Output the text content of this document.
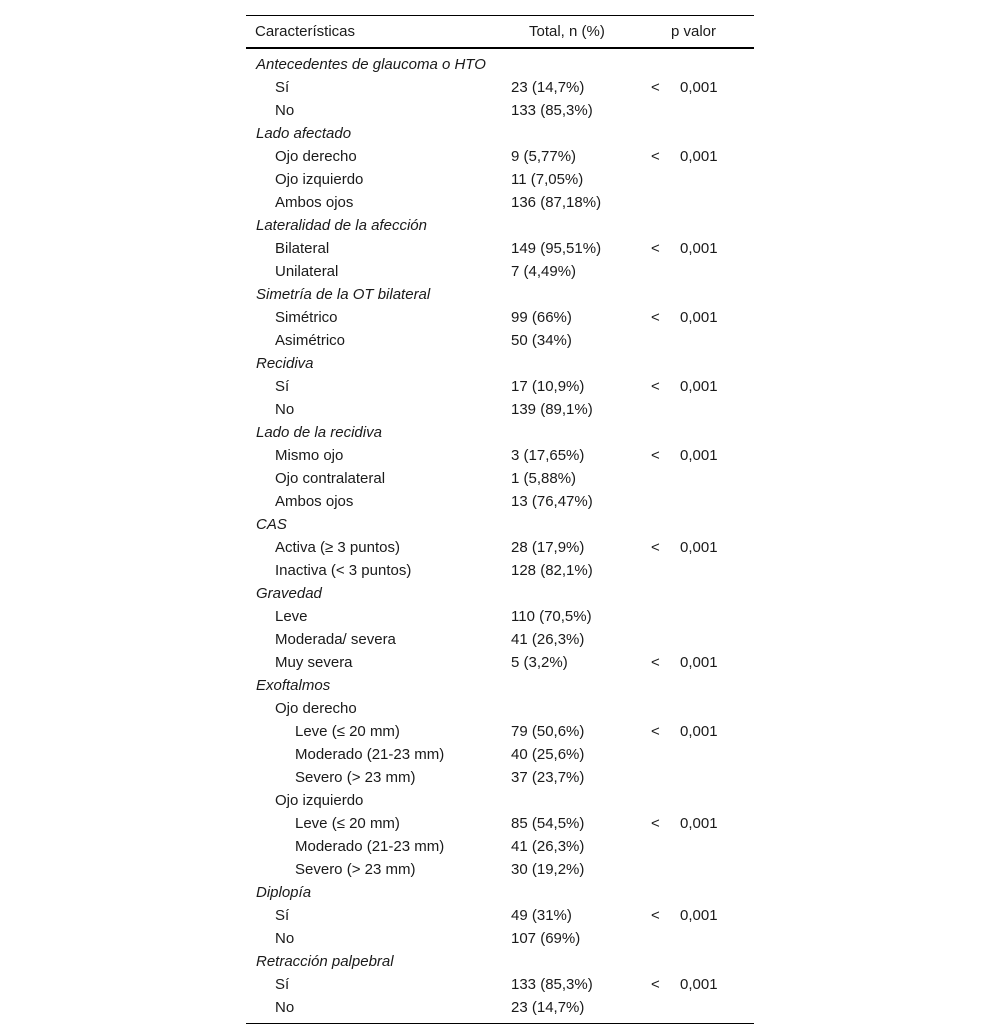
Características	Total, n (%)	p valor
Antecedentes de glaucoma o HTO
Sí	23 (14,7%)	< 0,001
No	133 (85,3%)
Lado afectado
Ojo derecho	9 (5,77%)	< 0,001
Ojo izquierdo	11 (7,05%)
Ambos ojos	136 (87,18%)
Lateralidad de la afección
Bilateral	149 (95,51%)	< 0,001
Unilateral	7 (4,49%)
Simetría de la OT bilateral
Simétrico	99 (66%)	< 0,001
Asimétrico	50 (34%)
Recidiva
Sí	17 (10,9%)	< 0,001
No	139 (89,1%)
Lado de la recidiva
Mismo ojo	3 (17,65%)	< 0,001
Ojo contralateral	1 (5,88%)
Ambos ojos	13 (76,47%)
CAS
Activa (≥ 3 puntos)	28 (17,9%)	< 0,001
Inactiva (< 3 puntos)	128 (82,1%)
Gravedad
Leve	110 (70,5%)
Moderada/ severa	41 (26,3%)
Muy severa	5 (3,2%)	< 0,001
Exoftalmos
Ojo derecho
Leve (≤ 20 mm)	79 (50,6%)	< 0,001
Moderado (21-23 mm)	40 (25,6%)
Severo (> 23 mm)	37 (23,7%)
Ojo izquierdo
Leve (≤ 20 mm)	85 (54,5%)	< 0,001
Moderado (21-23 mm)	41 (26,3%)
Severo (> 23 mm)	30 (19,2%)
Diplopía
Sí	49 (31%)	< 0,001
No	107 (69%)
Retracción palpebral
Sí	133 (85,3%)	< 0,001
No	23 (14,7%)
